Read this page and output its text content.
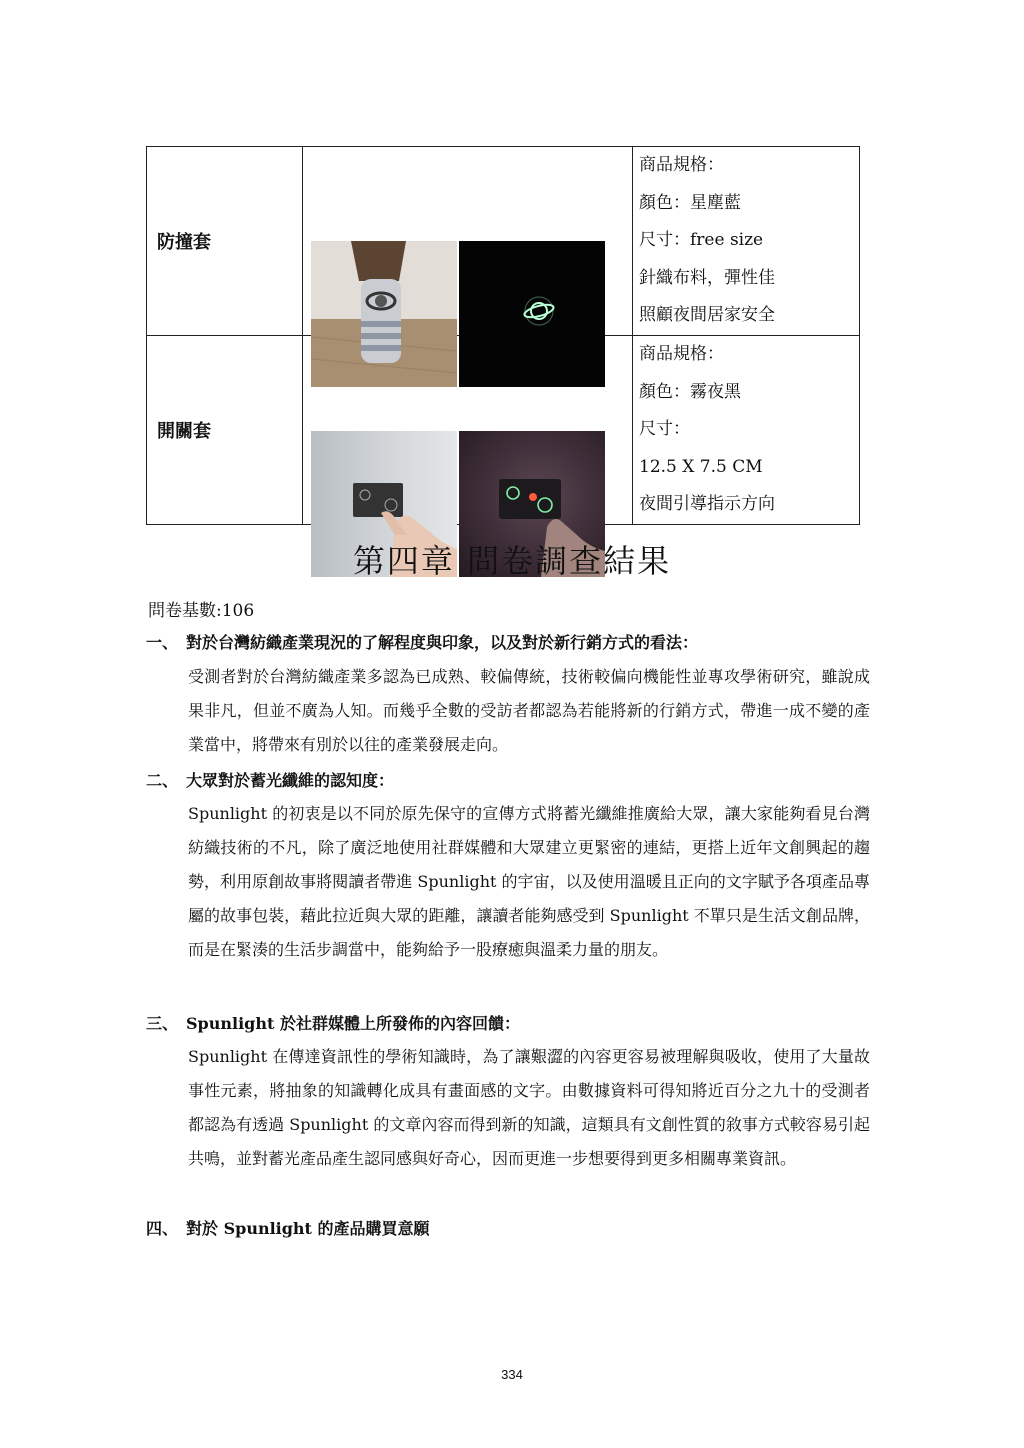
防撞套		商品規格：
顏色：星塵藍
尺寸：free size
針織布料，彈性佳
照顧夜間居家安全

開關套		商品規格：
顏色：霧夜黑
尺寸：
12.5 X 7.5 CM
夜間引導指示方向
第四章 問卷調查結果
問卷基數:106
一、 對於台灣紡織產業現況的了解程度與印象，以及對於新行銷方式的看法：
受測者對於台灣紡織產業多認為已成熟、較偏傳統，技術較偏向機能性並專攻學術研究，雖說成果非凡，但並不廣為人知。而幾乎全數的受訪者都認為若能將新的行銷方式，帶進一成不變的產業當中，將帶來有別於以往的產業發展走向。
二、 大眾對於蓄光纖維的認知度：
Spunlight 的初衷是以不同於原先保守的宣傳方式將蓄光纖維推廣給大眾，讓大家能夠看見台灣紡織技術的不凡，除了廣泛地使用社群媒體和大眾建立更緊密的連結，更搭上近年文創興起的趨勢，利用原創故事將閱讀者帶進 Spunlight 的宇宙，以及使用溫暖且正向的文字賦予各項產品專屬的故事包裝，藉此拉近與大眾的距離，讓讀者能夠感受到 Spunlight 不單只是生活文創品牌，而是在緊湊的生活步調當中，能夠給予一股療癒與溫柔力量的朋友。
三、 Spunlight 於社群媒體上所發佈的內容回饋：
Spunlight 在傳達資訊性的學術知識時，為了讓艱澀的內容更容易被理解與吸收，使用了大量故事性元素，將抽象的知識轉化成具有畫面感的文字。由數據資料可得知將近百分之九十的受測者都認為有透過 Spunlight 的文章內容而得到新的知識，這類具有文創性質的敘事方式較容易引起共鳴，並對蓄光產品產生認同感與好奇心，因而更進一步想要得到更多相關專業資訊。
四、 對於 Spunlight 的產品購買意願
334
